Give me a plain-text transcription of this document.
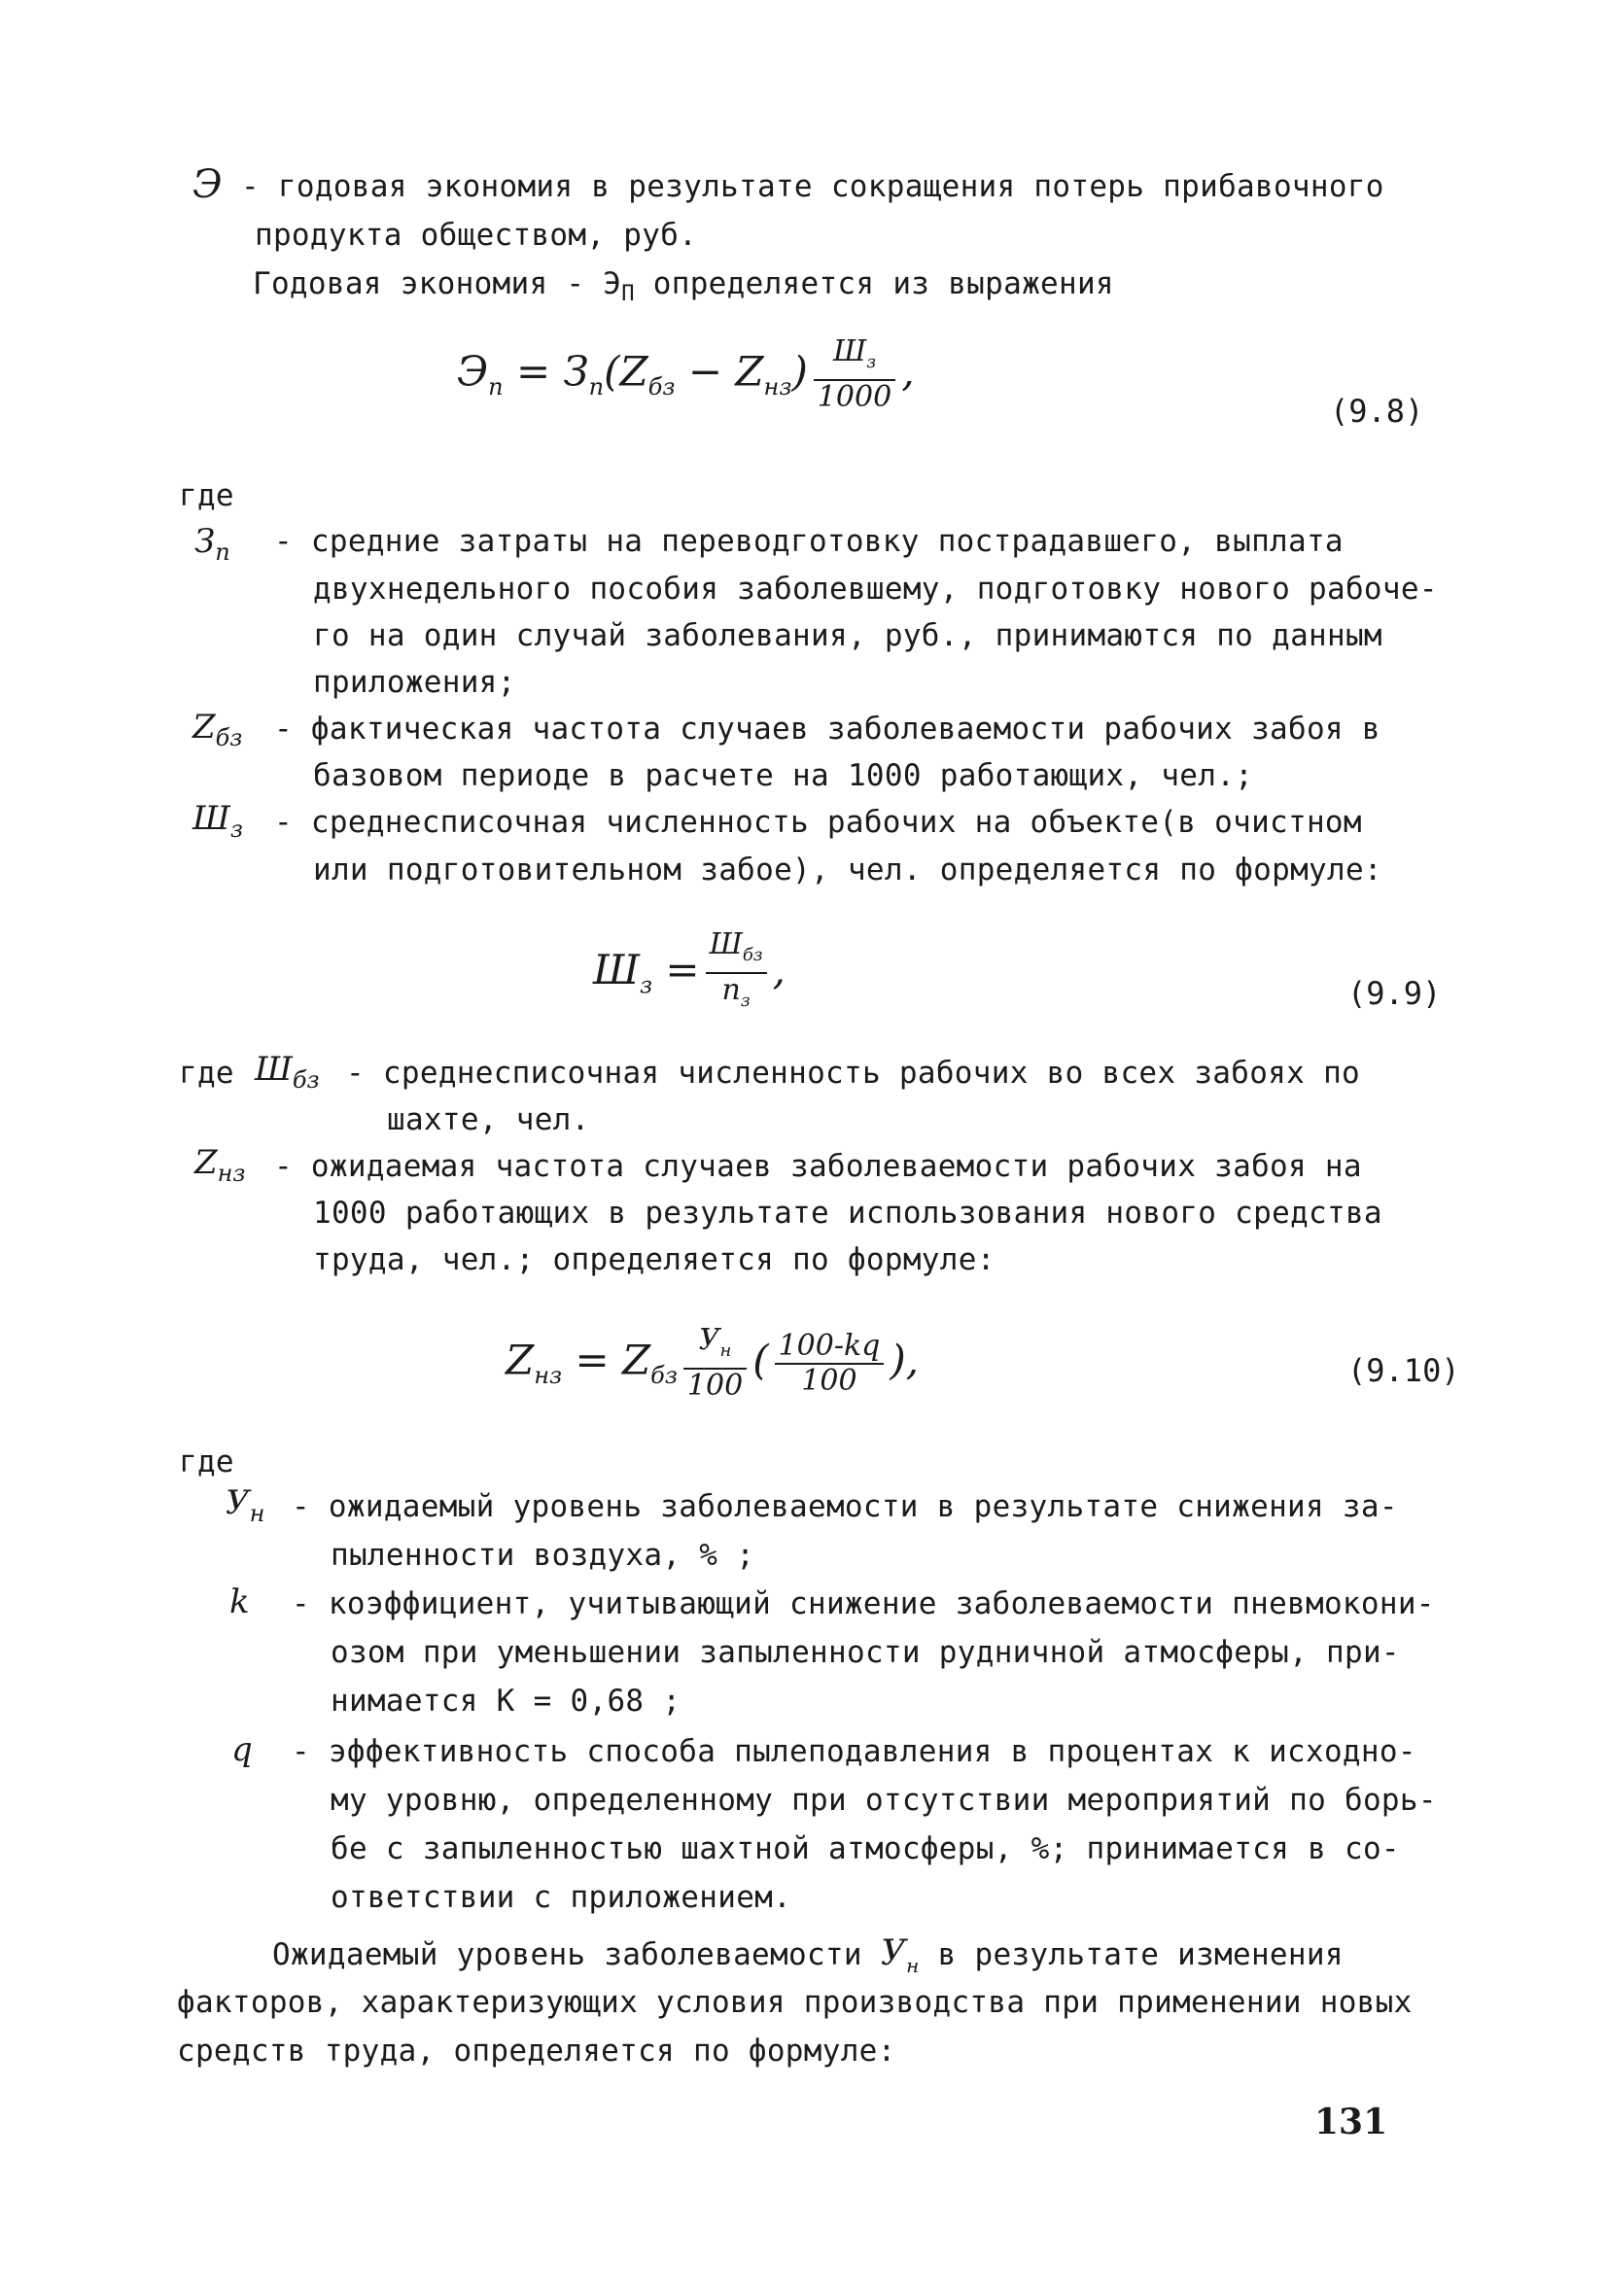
Э - годовая экономия в результате сокращения потерь прибавочного
продукта обществом, руб.
Годовая экономия - $Э_П$ определяется из выражения
$Э_п = З_п(Z_{бз} - Z_{нз}) \frac{Ш_з}{1000}$ ,
(9.8)
где
$З_п$ - средние затраты на переводготовку пострадавшего, выплата
двухнедельного пособия заболевшему, подготовку нового рабоче-
го на один случай заболевания, руб., принимаются по данным
приложения;
$Z_{бз}$ - фактическая частота случаев заболеваемости рабочих забоя в
базовом периоде в расчете на 1000 работающих, чел.;
$Ш_з$ - среднесписочная численность рабочих на объекте(в очистном
или подготовительном забое), чел. определяется по формуле:
$Ш_з = \frac{Ш_{бз}}{n_з}$ ,	(9.9)
где $Ш_{бз}$ - среднесписочная численность рабочих во всех забоях по
шахте, чел.
$Z_{нз}$ - ожидаемая частота случаев заболеваемости рабочих забоя на
1000 работающих в результате использования нового средства
труда, чел.; определяется по формуле:
$Z_{нз} = Z_{бз} \frac{У_н}{100}$ ( $\frac{100-kq}{100}$ ),	(9.10)
где
$У_н$ - ожидаемый уровень заболеваемости в результате снижения за-
пыленности воздуха, % ;
k - коэффициент, учитывающий снижение заболеваемости пневмокони-
озом при уменьшении запыленности рудничной атмосферы, при-
нимается К = 0,68 ;
q - эффективность способа пылеподавления в процентах к исходно-
му уровню, определенному при отсутствии мероприятий по борь-
бе с запыленностью шахтной атмосферы, %; принимается в со-
ответствии с приложением.
Ожидаемый уровень заболеваемости $У_н$ в результате изменения
факторов, характеризующих условия производства при применении новых
средств труда, определяется по формуле:
131
